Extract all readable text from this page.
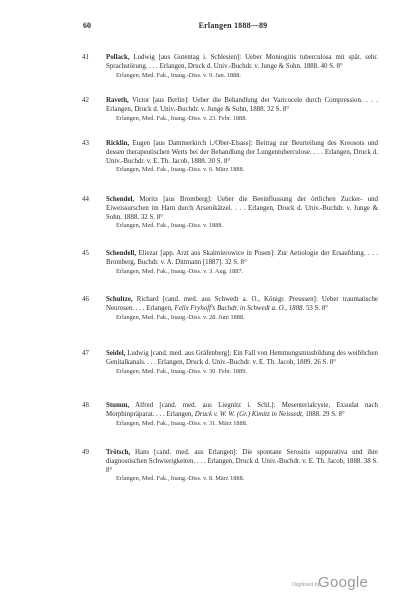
60	Erlangen 1888—89
41	Pollack, Ludwig [aus Gutentag i. Schlesien]: Ueber Moniogitis tuberculosa mit spät. sehr. Sprachstörung. . . . Erlangen, Druck d. Univ.-Buchdr. v. Junge & Sohn. 1888. 40 S. 8°
Erlangen, Med. Fak., Inaug.-Diss. v. 9. Jan. 1888.
42	Raveth, Victor [aus Berlin]: Ueber die Behandlung der Varicocele durch Compression. . . . Erlangen, Druck d. Univ.-Buchdr. v. Junge & Sohn, 1888. 32 S. 8°
Erlangen, Med. Fak., Inaug.-Diss. v. 23. Febr. 1888.
43	Ricklin, Eugen [aus Dammerkirch i./Ober-Elsass]: Beitrag zur Beurteilung des Kreosots und dessen therapeutischen Werts bei der Behandlung der Lungentuberculose. . . . Erlangen, Druck d. Univ.-Buchdr. v. E. Th. Jacob, 1888. 30 S. 8°
Erlangen, Med. Fak., Inaug.-Diss. v. 6. März 1888.
44	Schendel, Moritz [aus Bromberg]: Ueber die Beeinflussung der örtlichen Zucker- und Eiweissurschen im Harn durch Arsenikätzel. . . . Erlangen, Druck d. Univ.-Buchdr. v. Junge & Sohn. 1888. 32 S. 8°
Erlangen, Med. Fak., Inaug.-Diss. v. 1888.
45	Schendell, Eliezar [app. Arzt aus Skalmierowice in Posen]: Zur Aetiologie der Ersaufdung. . . . Bromberg, Buchdr. v. A. Dittmann [1887]. 32 S. 8°
Erlangen, Med. Fak., Inaug.-Diss. v. 3. Aug. 1887.
46	Schultze, Richard [cand. med. aus Schwedt a. O., Königr. Preussen]: Ueber traumatische Neurosen. . . . Erlangen, Felix Fryhoff's Buchdr. in Schwedt a. O., 1888. 53 S. 8°
Erlangen, Med. Fak., Inaug.-Diss. v. 28. Juni 1888.
47	Seidel, Ludwig [cand. med. aus Gräfenberg]: Ein Fall von Hemmungsmissbildung des weiblichen Genitalkanals. . . . Erlangen, Druck d. Univ.-Buchdr. v. E. Th. Jacob, 1889. 26 S. 8°
Erlangen, Med. Fak., Inaug.-Diss. v. 30. Febr. 1889.
48	Stumm, Alfred [cand. med. aus Liegnitz i. Schl.]: Mesenterialcyste, Exsudat nach Morphinpräparat. . . . Erlangen, Druck v. W. W. (Gr.) Kimitz in Neissedt, 1888. 29 S. 8°
Erlangen, Med. Fak., Inaug.-Diss. v. 31. März 1888.
49	Trötsch, Hans [cand. med. aus Erlangen]: Die spontane Serositis suppurativa und ihre diagnostischen Schwierigkeiten. . . . Erlangen, Druck d. Univ.-Buchdr. v. E. Th. Jacob, 1888. 38 S. 8°
Erlangen, Med. Fak., Inaug.-Diss. v. 8. März 1888.
Digitized by
Google
